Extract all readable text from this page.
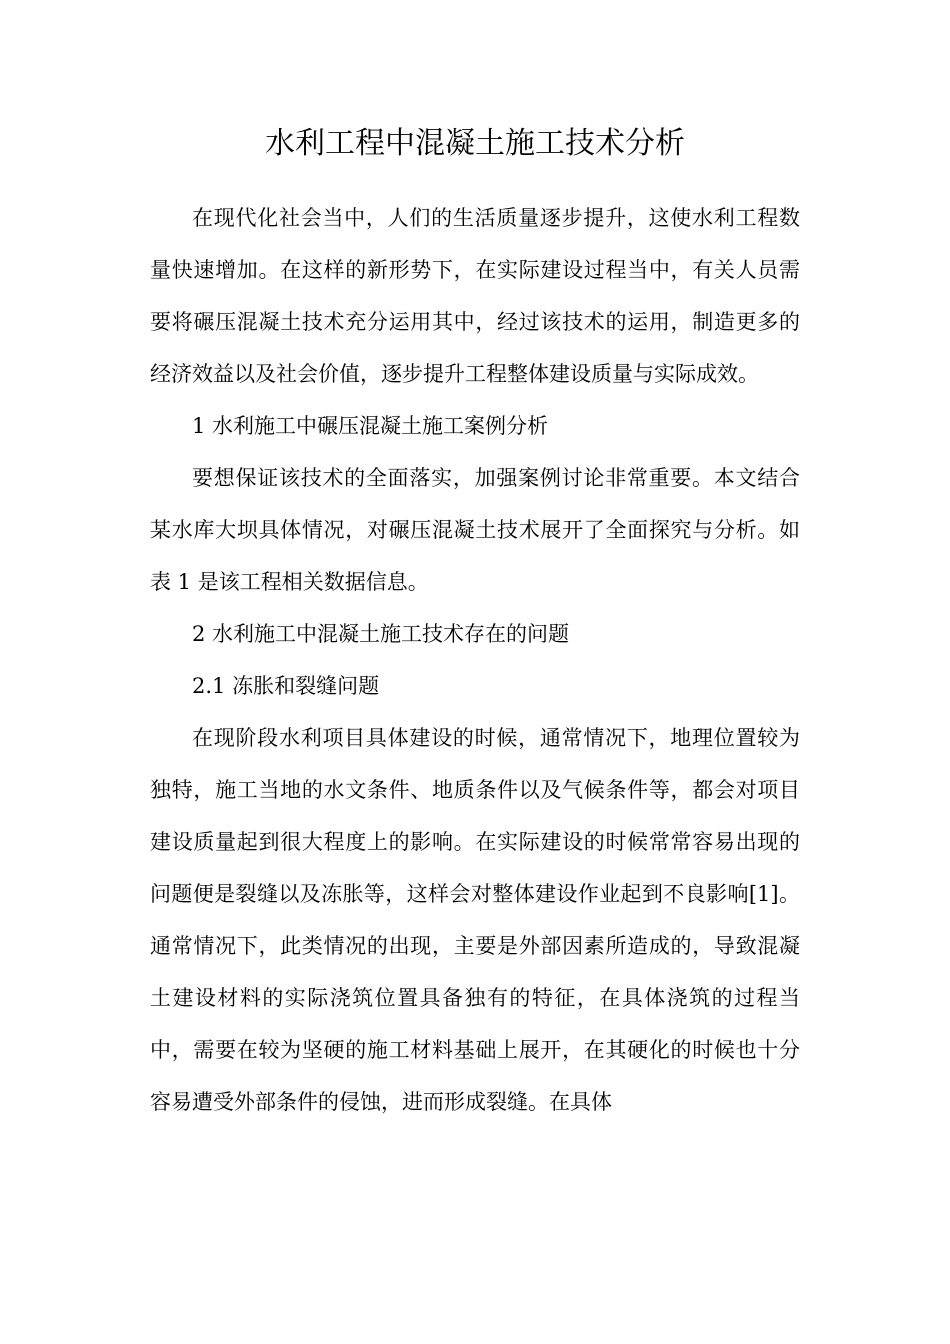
水利工程中混凝土施工技术分析

在现代化社会当中，人们的生活质量逐步提升，这使水利工程数量快速增加。在这样的新形势下，在实际建设过程当中，有关人员需要将碾压混凝土技术充分运用其中，经过该技术的运用，制造更多的经济效益以及社会价值，逐步提升工程整体建设质量与实际成效。

1 水利施工中碾压混凝土施工案例分析

要想保证该技术的全面落实，加强案例讨论非常重要。本文结合某水库大坝具体情况，对碾压混凝土技术展开了全面探究与分析。如表 1 是该工程相关数据信息。

2 水利施工中混凝土施工技术存在的问题

2.1 冻胀和裂缝问题

在现阶段水利项目具体建设的时候，通常情况下，地理位置较为独特，施工当地的水文条件、地质条件以及气候条件等，都会对项目建设质量起到很大程度上的影响。在实际建设的时候常常容易出现的问题便是裂缝以及冻胀等，这样会对整体建设作业起到不良影响[1]。通常情况下，此类情况的出现，主要是外部因素所造成的，导致混凝土建设材料的实际浇筑位置具备独有的特征，在具体浇筑的过程当中，需要在较为坚硬的施工材料基础上展开，在其硬化的时候也十分容易遭受外部条件的侵蚀，进而形成裂缝。在具体
